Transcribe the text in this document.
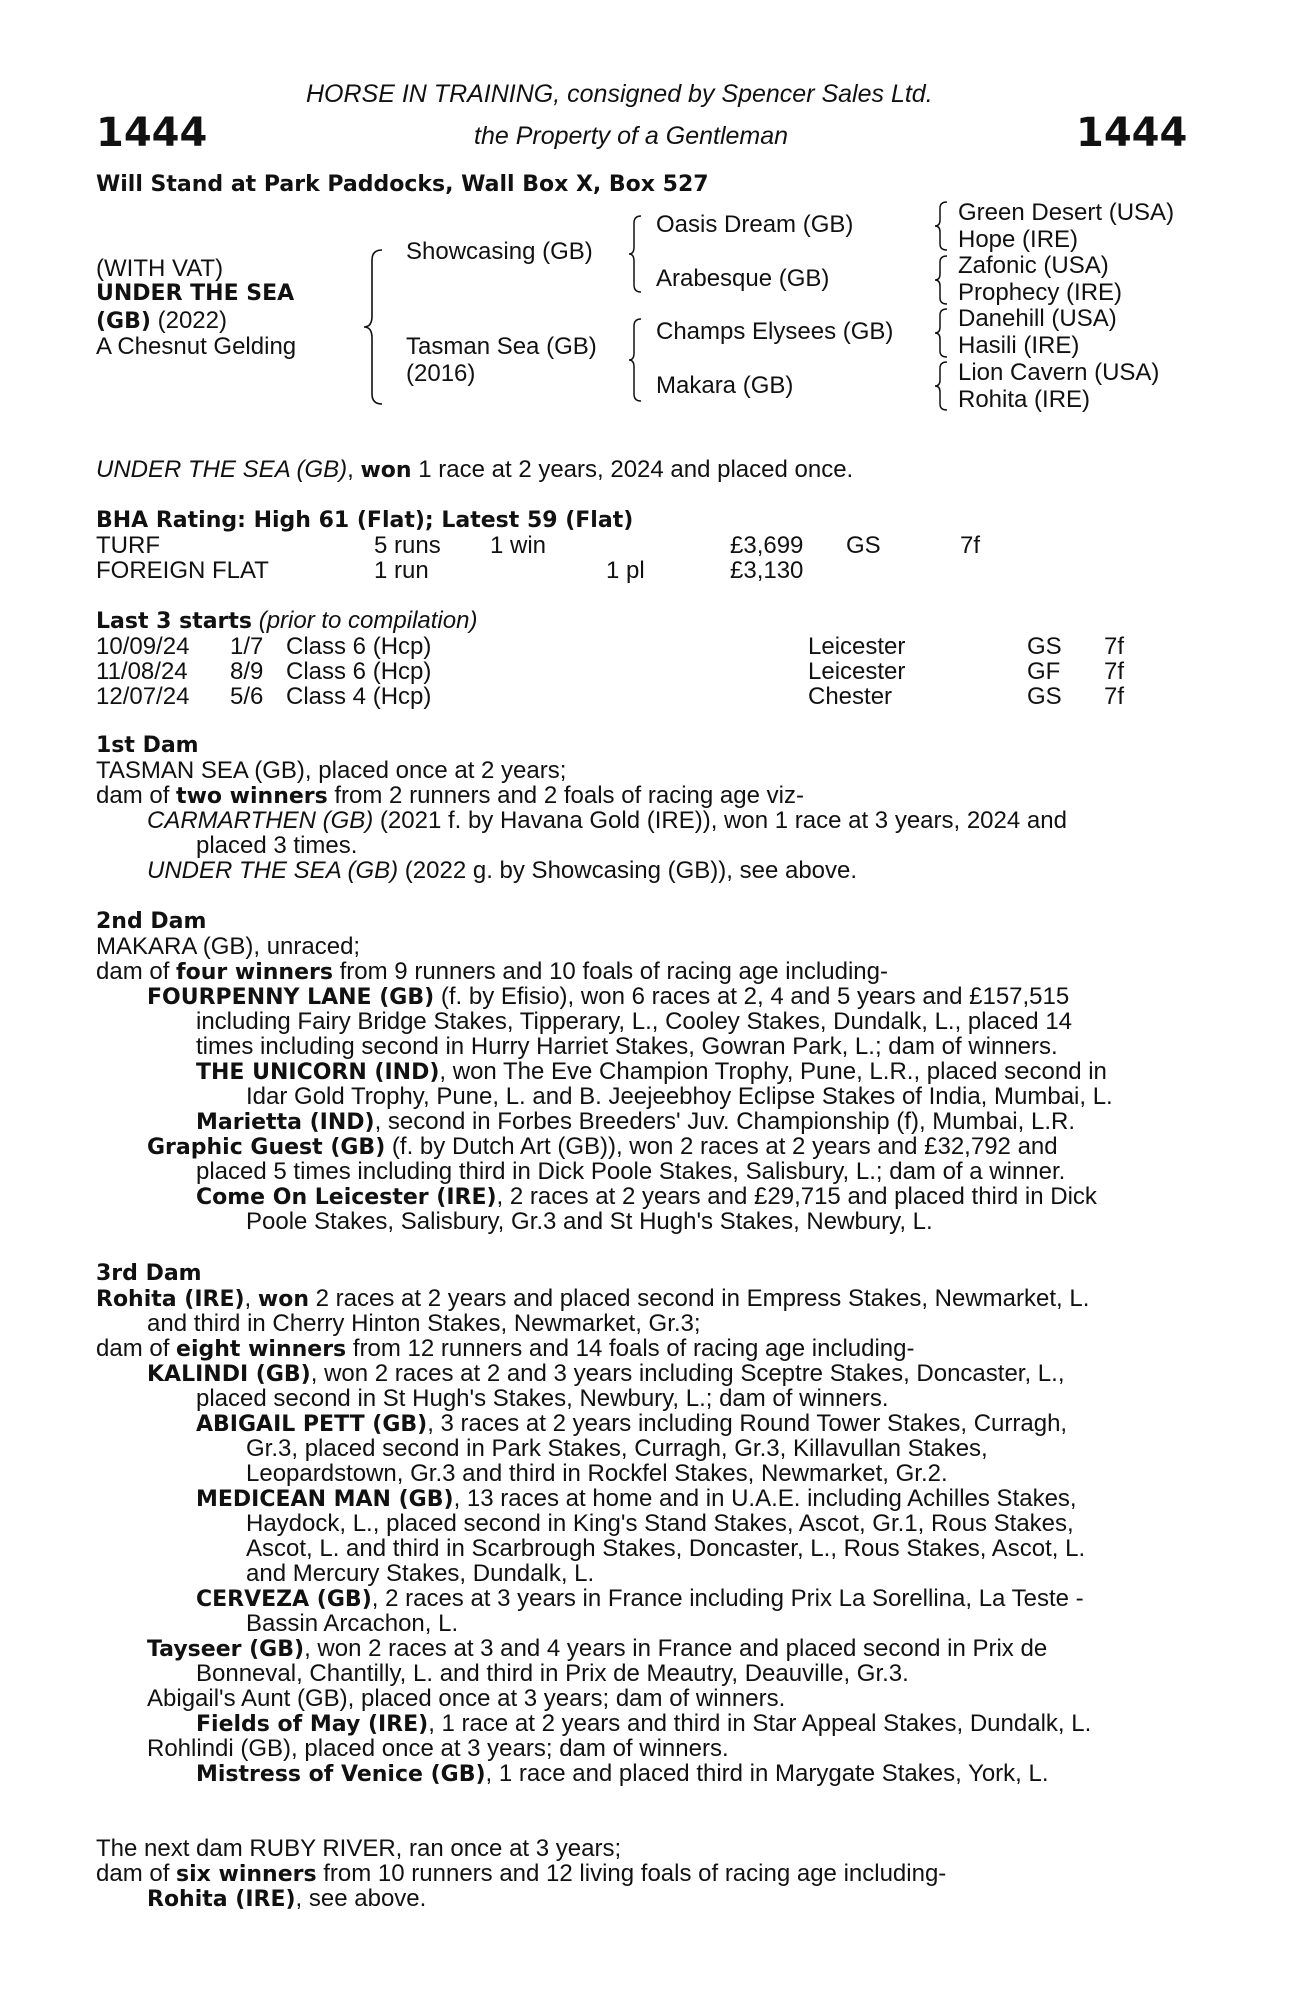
HORSE IN TRAINING, consigned by Spencer Sales Ltd.
1444	the Property of a Gentleman	1444
Will Stand at Park Paddocks, Wall Box X, Box 527
(WITH VAT)
UNDER THE SEA
(GB) (2022)
A Chesnut Gelding
Showcasing (GB)
Tasman Sea (GB)
(2016)
Oasis Dream (GB)
Arabesque (GB)
Champs Elysees (GB)
Makara (GB)
Green Desert (USA)
Hope (IRE)
Zafonic (USA)
Prophecy (IRE)
Danehill (USA)
Hasili (IRE)
Lion Cavern (USA)
Rohita (IRE)
UNDER THE SEA (GB), won 1 race at 2 years, 2024 and placed once.
BHA Rating: High 61 (Flat); Latest 59 (Flat)
TURF	5 runs 1 win	£3,699 GS	7f
FOREIGN FLAT	1 run	1 pl	£3,130
Last 3 starts (prior to compilation)
10/09/24 1/7 Class 6 (Hcp)	Leicester	GS 7f
11/08/24 8/9 Class 6 (Hcp)	Leicester	GF 7f
12/07/24 5/6 Class 4 (Hcp)	Chester	GS 7f
1st Dam
TASMAN SEA (GB), placed once at 2 years;
dam of two winners from 2 runners and 2 foals of racing age viz-
CARMARTHEN (GB) (2021 f. by Havana Gold (IRE)), won 1 race at 3 years, 2024 and
placed 3 times.
UNDER THE SEA (GB) (2022 g. by Showcasing (GB)), see above.
2nd Dam
MAKARA (GB), unraced;
dam of four winners from 9 runners and 10 foals of racing age including-
FOURPENNY LANE (GB) (f. by Efisio), won 6 races at 2, 4 and 5 years and £157,515
including Fairy Bridge Stakes, Tipperary, L., Cooley Stakes, Dundalk, L., placed 14
times including second in Hurry Harriet Stakes, Gowran Park, L.; dam of winners.
THE UNICORN (IND), won The Eve Champion Trophy, Pune, L.R., placed second in
Idar Gold Trophy, Pune, L. and B. Jeejeebhoy Eclipse Stakes of India, Mumbai, L.
Marietta (IND), second in Forbes Breeders' Juv. Championship (f), Mumbai, L.R.
Graphic Guest (GB) (f. by Dutch Art (GB)), won 2 races at 2 years and £32,792 and
placed 5 times including third in Dick Poole Stakes, Salisbury, L.; dam of a winner.
Come On Leicester (IRE), 2 races at 2 years and £29,715 and placed third in Dick
Poole Stakes, Salisbury, Gr.3 and St Hugh's Stakes, Newbury, L.
3rd Dam
Rohita (IRE), won 2 races at 2 years and placed second in Empress Stakes, Newmarket, L.
and third in Cherry Hinton Stakes, Newmarket, Gr.3;
dam of eight winners from 12 runners and 14 foals of racing age including-
KALINDI (GB), won 2 races at 2 and 3 years including Sceptre Stakes, Doncaster, L.,
placed second in St Hugh's Stakes, Newbury, L.; dam of winners.
ABIGAIL PETT (GB), 3 races at 2 years including Round Tower Stakes, Curragh,
Gr.3, placed second in Park Stakes, Curragh, Gr.3, Killavullan Stakes,
Leopardstown, Gr.3 and third in Rockfel Stakes, Newmarket, Gr.2.
MEDICEAN MAN (GB), 13 races at home and in U.A.E. including Achilles Stakes,
Haydock, L., placed second in King's Stand Stakes, Ascot, Gr.1, Rous Stakes,
Ascot, L. and third in Scarbrough Stakes, Doncaster, L., Rous Stakes, Ascot, L.
and Mercury Stakes, Dundalk, L.
CERVEZA (GB), 2 races at 3 years in France including Prix La Sorellina, La Teste -
Bassin Arcachon, L.
Tayseer (GB), won 2 races at 3 and 4 years in France and placed second in Prix de
Bonneval, Chantilly, L. and third in Prix de Meautry, Deauville, Gr.3.
Abigail's Aunt (GB), placed once at 3 years; dam of winners.
Fields of May (IRE), 1 race at 2 years and third in Star Appeal Stakes, Dundalk, L.
Rohlindi (GB), placed once at 3 years; dam of winners.
Mistress of Venice (GB), 1 race and placed third in Marygate Stakes, York, L.
The next dam RUBY RIVER, ran once at 3 years;
dam of six winners from 10 runners and 12 living foals of racing age including-
Rohita (IRE), see above.
